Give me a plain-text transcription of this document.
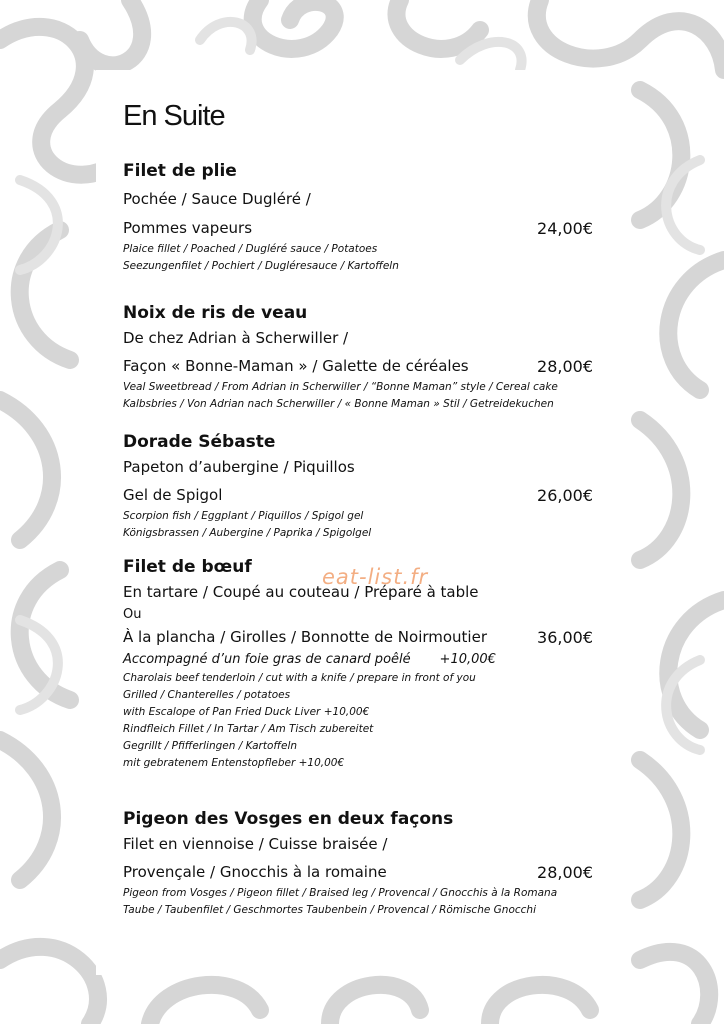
En Suite
Filet de plie
Pochée / Sauce Dugléré /
Pommes vapeurs	24,00€
Plaice fillet / Poached / Dugléré sauce / Potatoes
Seezungenfilet / Pochiert / Dugléresauce / Kartoffeln
Noix de ris de veau
De chez Adrian à Scherwiller /
Façon « Bonne-Maman » / Galette de céréales	28,00€
Veal Sweetbread / From Adrian in Scherwiller / “Bonne Maman” style / Cereal cake
Kalbsbries / Von Adrian nach Scherwiller / « Bonne Maman » Stil / Getreidekuchen
Dorade Sébaste
Papeton d’aubergine / Piquillos
Gel de Spigol	26,00€
Scorpion fish / Eggplant / Piquillos / Spigol gel
Königsbrassen / Aubergine / Paprika / Spigolgel
Filet de bœuf
En tartare / Coupé au couteau / Préparé à table
Ou
À la plancha / Girolles / Bonnotte de Noirmoutier	36,00€
Accompagné d’un foie gras de canard poêlé       +10,00€
Charolais beef tenderloin / cut with a knife / prepare in front of you
Grilled / Chanterelles / potatoes
with Escalope of Pan Fried Duck Liver +10,00€
Rindfleich Fillet / In Tartar / Am Tisch zubereitet
Gegrillt / Pfifferlingen / Kartoffeln
mit gebratenem Entenstopfleber +10,00€
Pigeon des Vosges en deux façons
Filet en viennoise / Cuisse braisée /
Provençale / Gnocchis à la romaine	28,00€
Pigeon from Vosges / Pigeon fillet / Braised leg / Provencal / Gnocchis à la Romana
Taube / Taubenfilet / Geschmortes Taubenbein / Provencal / Römische Gnocchi
eat-list.fr
